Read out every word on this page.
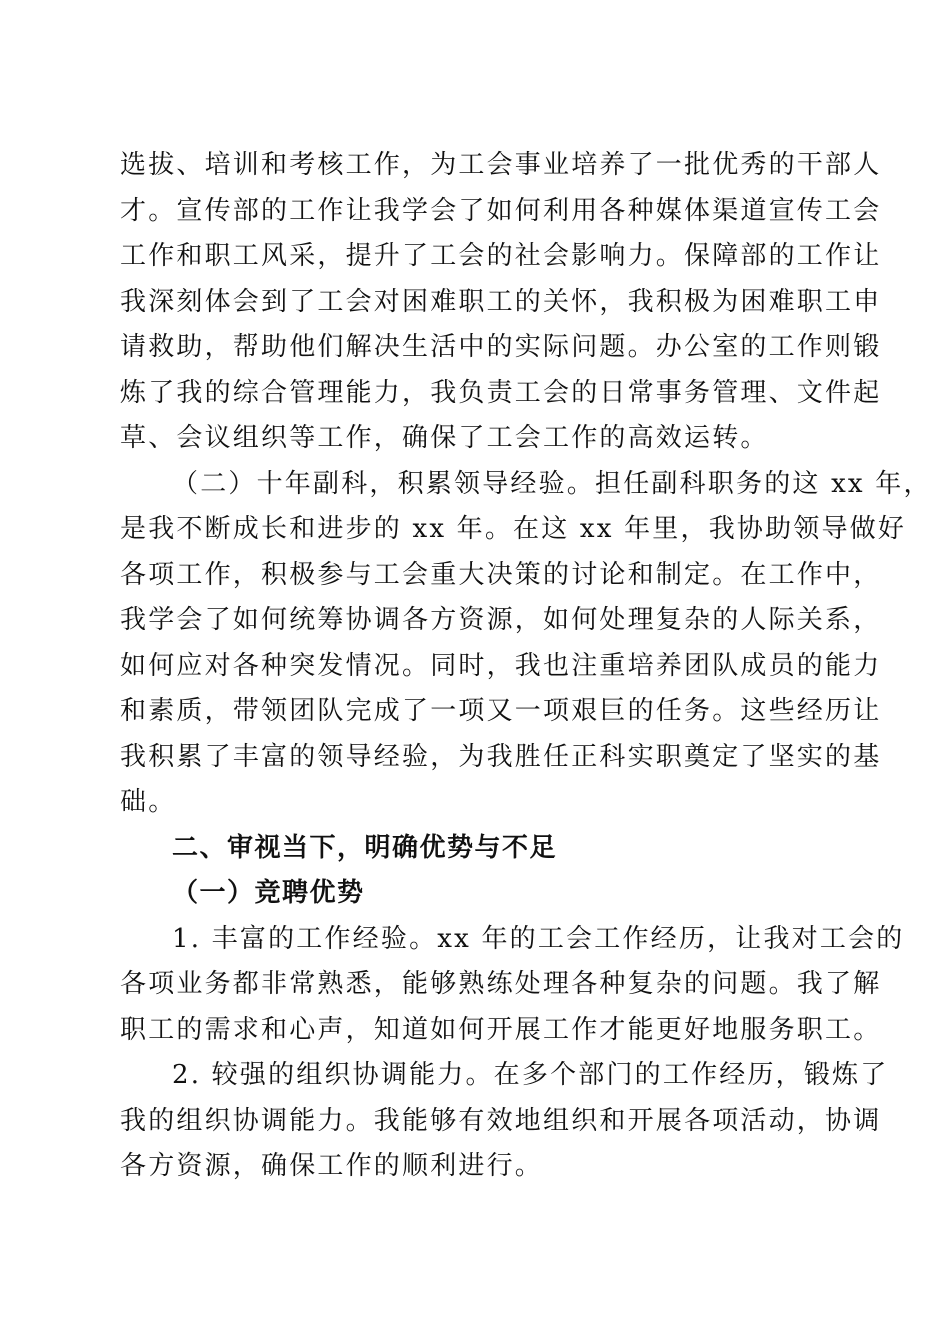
选拔、培训和考核工作，为工会事业培养了一批优秀的干部人
才。宣传部的工作让我学会了如何利用各种媒体渠道宣传工会
工作和职工风采，提升了工会的社会影响力。保障部的工作让
我深刻体会到了工会对困难职工的关怀，我积极为困难职工申
请救助，帮助他们解决生活中的实际问题。办公室的工作则锻
炼了我的综合管理能力，我负责工会的日常事务管理、文件起
草、会议组织等工作，确保了工会工作的高效运转。
（二）十年副科，积累领导经验。担任副科职务的这 xx 年，
是我不断成长和进步的 xx 年。在这 xx 年里，我协助领导做好
各项工作，积极参与工会重大决策的讨论和制定。在工作中，
我学会了如何统筹协调各方资源，如何处理复杂的人际关系，
如何应对各种突发情况。同时，我也注重培养团队成员的能力
和素质，带领团队完成了一项又一项艰巨的任务。这些经历让
我积累了丰富的领导经验，为我胜任正科实职奠定了坚实的基
础。
二、审视当下，明确优势与不足
（一）竞聘优势
1. 丰富的工作经验。xx 年的工会工作经历，让我对工会的
各项业务都非常熟悉，能够熟练处理各种复杂的问题。我了解
职工的需求和心声，知道如何开展工作才能更好地服务职工。
2. 较强的组织协调能力。在多个部门的工作经历，锻炼了
我的组织协调能力。我能够有效地组织和开展各项活动，协调
各方资源，确保工作的顺利进行。
